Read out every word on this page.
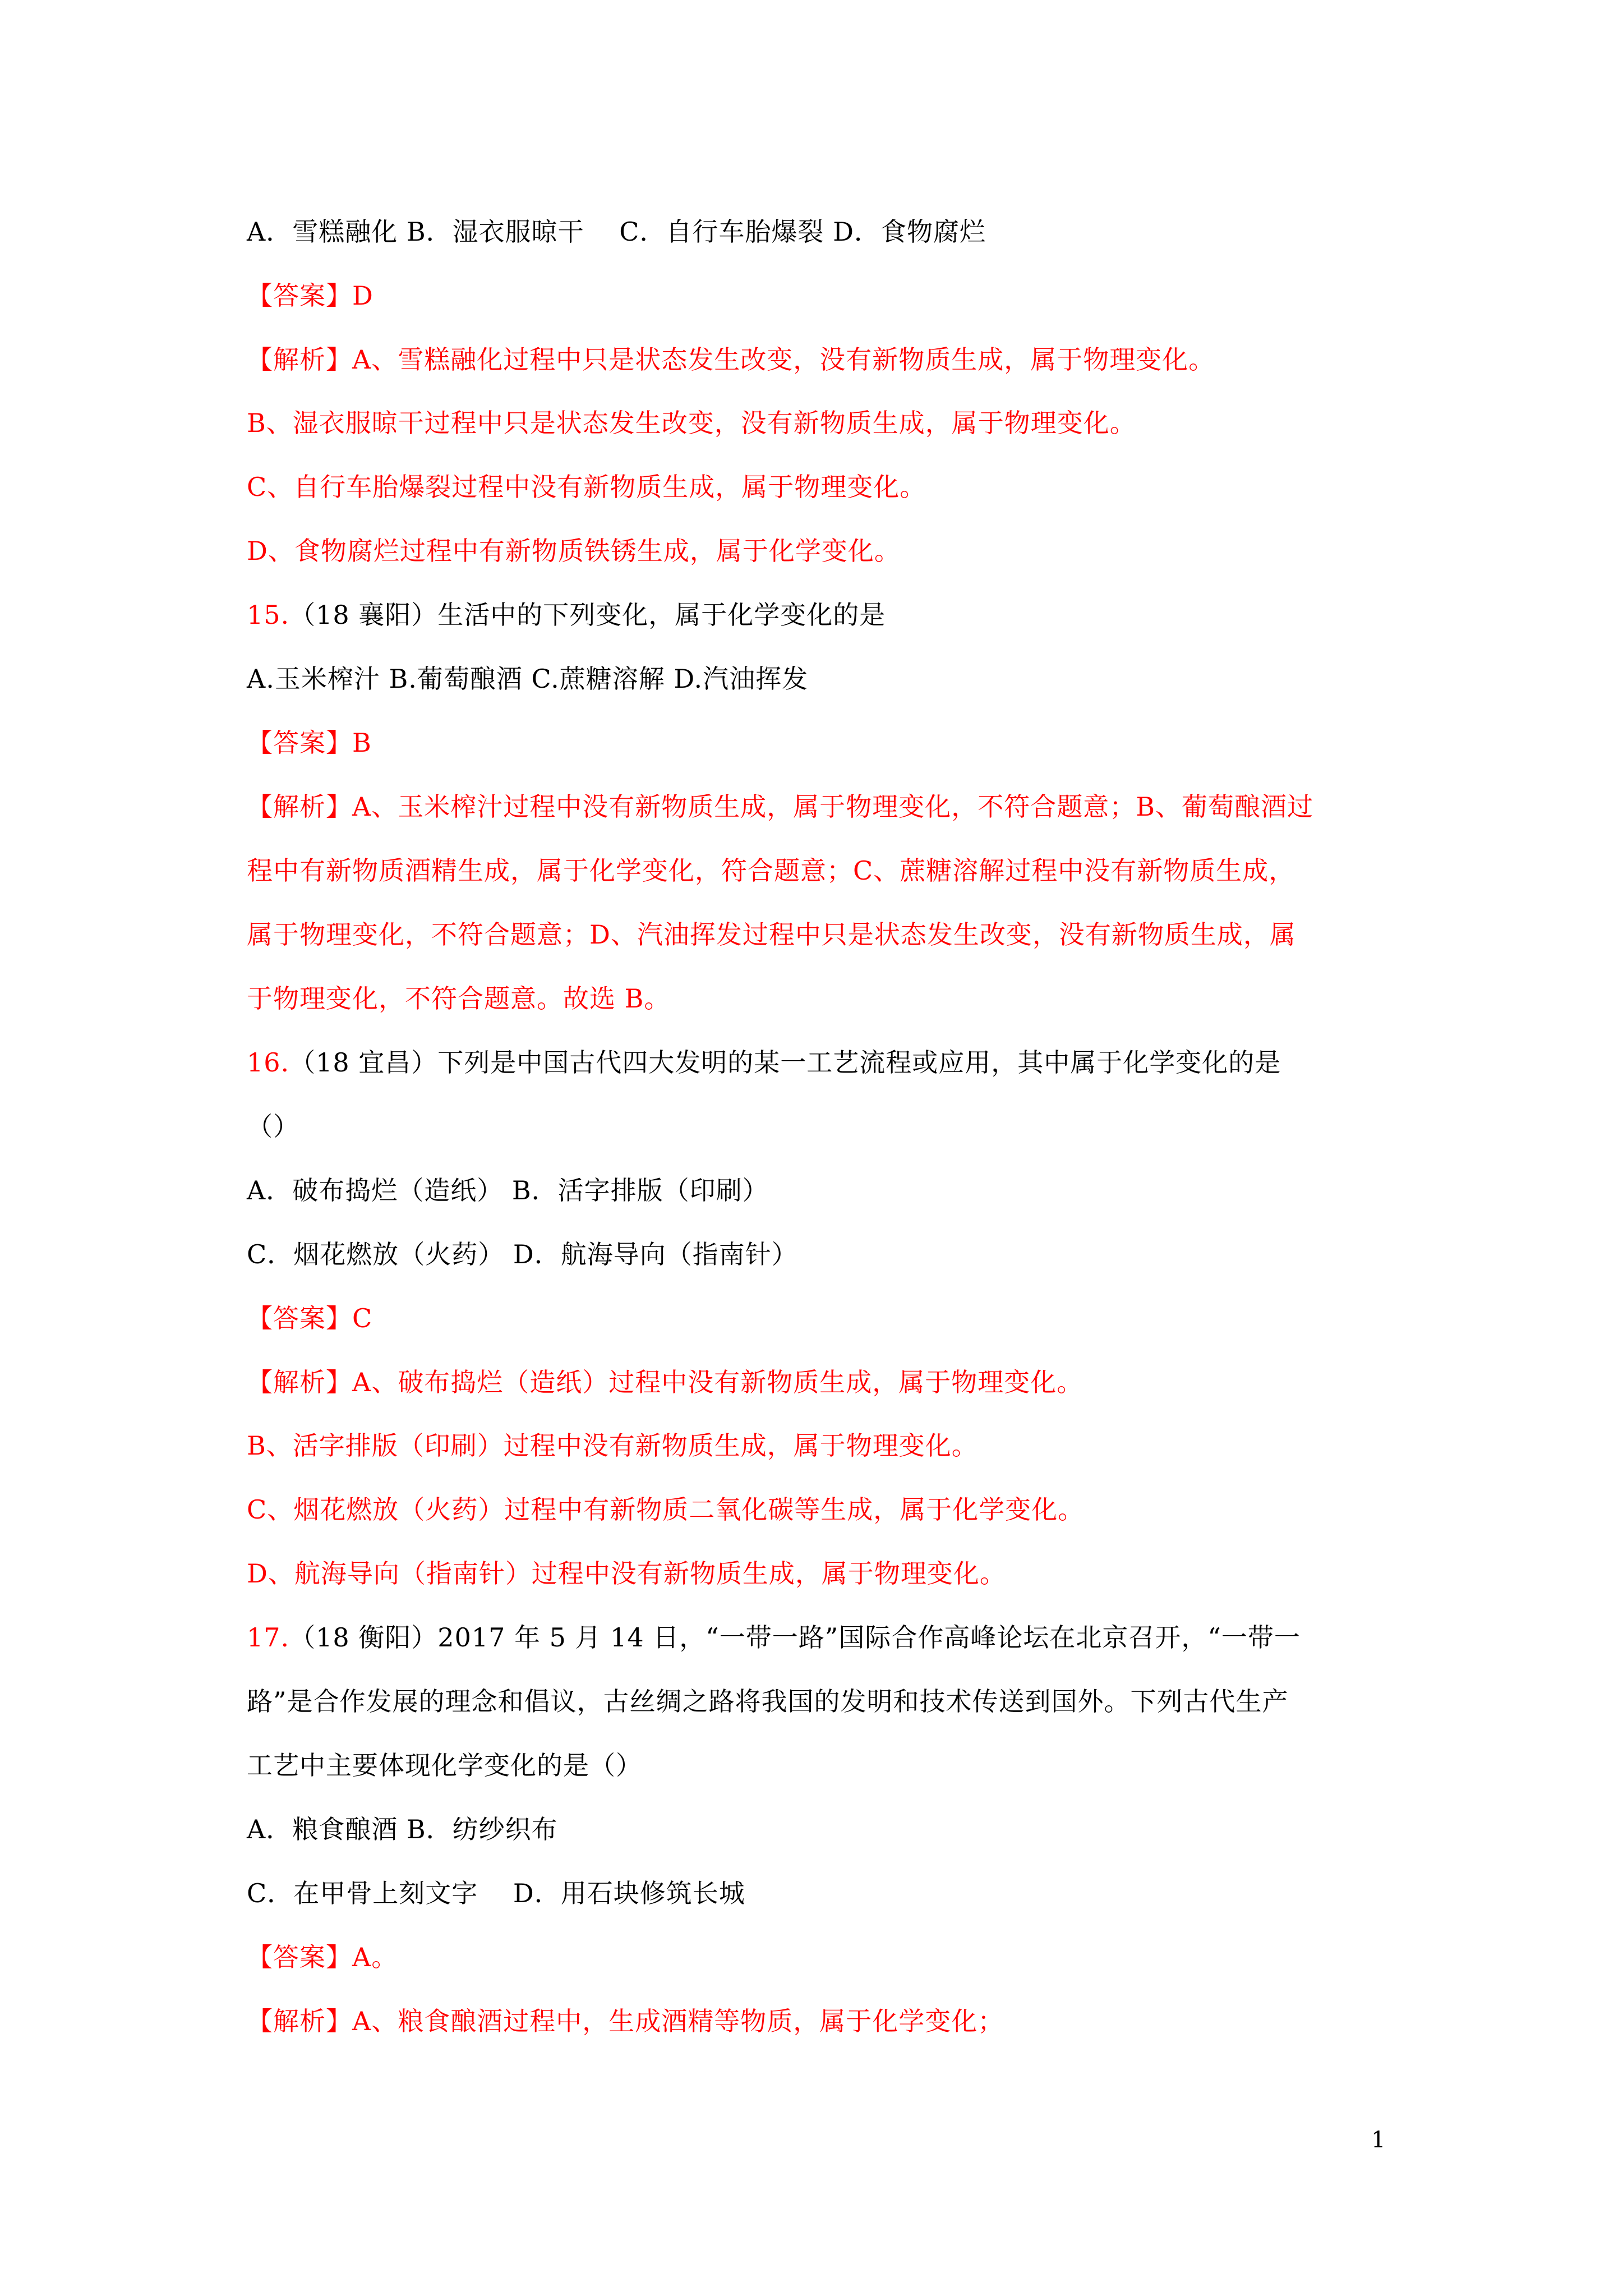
A．雪糕融化 B．湿衣服晾干　 C．自行车胎爆裂 D．食物腐烂
【答案】D
【解析】A、雪糕融化过程中只是状态发生改变，没有新物质生成，属于物理变化。
B、湿衣服晾干过程中只是状态发生改变，没有新物质生成，属于物理变化。
C、自行车胎爆裂过程中没有新物质生成，属于物理变化。
D、食物腐烂过程中有新物质铁锈生成，属于化学变化。
15.（18 襄阳）生活中的下列变化，属于化学变化的是
A.玉米榨汁 B.葡萄酿酒 C.蔗糖溶解 D.汽油挥发
【答案】B
【解析】A、玉米榨汁过程中没有新物质生成，属于物理变化，不符合题意；B、葡萄酿酒过
程中有新物质酒精生成，属于化学变化，符合题意；C、蔗糖溶解过程中没有新物质生成，
属于物理变化，不符合题意；D、汽油挥发过程中只是状态发生改变，没有新物质生成，属
于物理变化，不符合题意。故选 B。
16.（18 宜昌）下列是中国古代四大发明的某一工艺流程或应用，其中属于化学变化的是
（）
A．破布捣烂（造纸） B．活字排版（印刷）
C．烟花燃放（火药） D．航海导向（指南针）
【答案】C
【解析】A、破布捣烂（造纸）过程中没有新物质生成，属于物理变化。
B、活字排版（印刷）过程中没有新物质生成，属于物理变化。
C、烟花燃放（火药）过程中有新物质二氧化碳等生成，属于化学变化。
D、航海导向（指南针）过程中没有新物质生成，属于物理变化。
17.（18 衡阳）2017 年 5 月 14 日，“一带一路”国际合作高峰论坛在北京召开，“一带一
路”是合作发展的理念和倡议，古丝绸之路将我国的发明和技术传送到国外。下列古代生产
工艺中主要体现化学变化的是（）
A．粮食酿酒 B．纺纱织布
C．在甲骨上刻文字　 D．用石块修筑长城
【答案】A。
【解析】A、粮食酿酒过程中，生成酒精等物质，属于化学变化；
1
